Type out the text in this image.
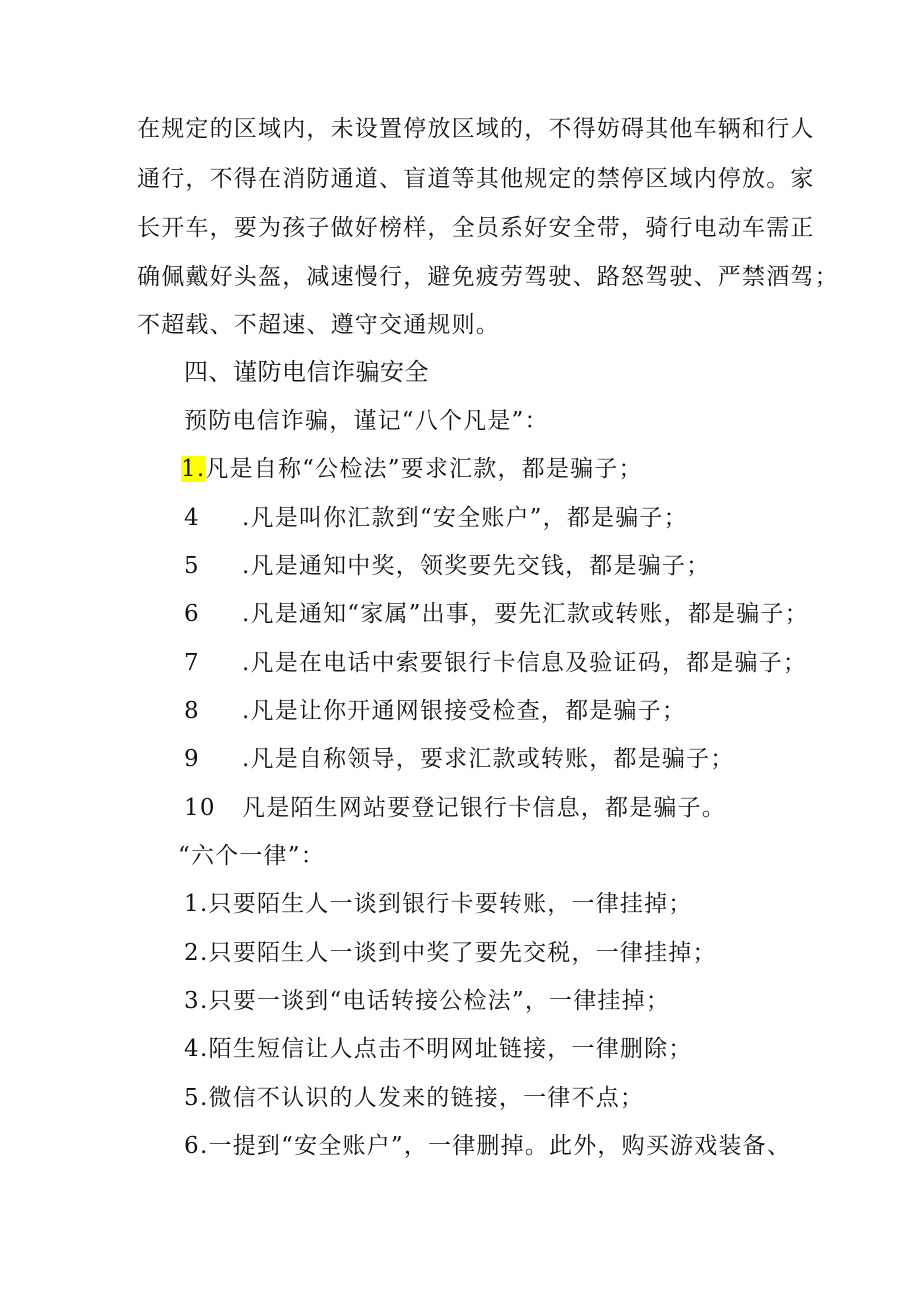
在规定的区域内，未设置停放区域的，不得妨碍其他车辆和行人
通行，不得在消防通道、盲道等其他规定的禁停区域内停放。家
长开车，要为孩子做好榜样，全员系好安全带，骑行电动车需正
确佩戴好头盔，减速慢行，避免疲劳驾驶、路怒驾驶、严禁酒驾；
不超载、不超速、遵守交通规则。
四、谨防电信诈骗安全
预防电信诈骗，谨记“八个凡是”：
1.凡是自称“公检法”要求汇款，都是骗子；
4 .凡是叫你汇款到“安全账户”，都是骗子；
5 .凡是通知中奖，领奖要先交钱，都是骗子；
6 .凡是通知“家属”出事，要先汇款或转账，都是骗子；
7 .凡是在电话中索要银行卡信息及验证码，都是骗子；
8 .凡是让你开通网银接受检查，都是骗子；
9 .凡是自称领导，要求汇款或转账，都是骗子；
10 凡是陌生网站要登记银行卡信息，都是骗子。
“六个一律”：
1.只要陌生人一谈到银行卡要转账，一律挂掉；
2.只要陌生人一谈到中奖了要先交税，一律挂掉；
3.只要一谈到“电话转接公检法”，一律挂掉；
4.陌生短信让人点击不明网址链接，一律删除；
5.微信不认识的人发来的链接，一律不点；
6.一提到“安全账户”，一律删掉。此外，购买游戏装备、
